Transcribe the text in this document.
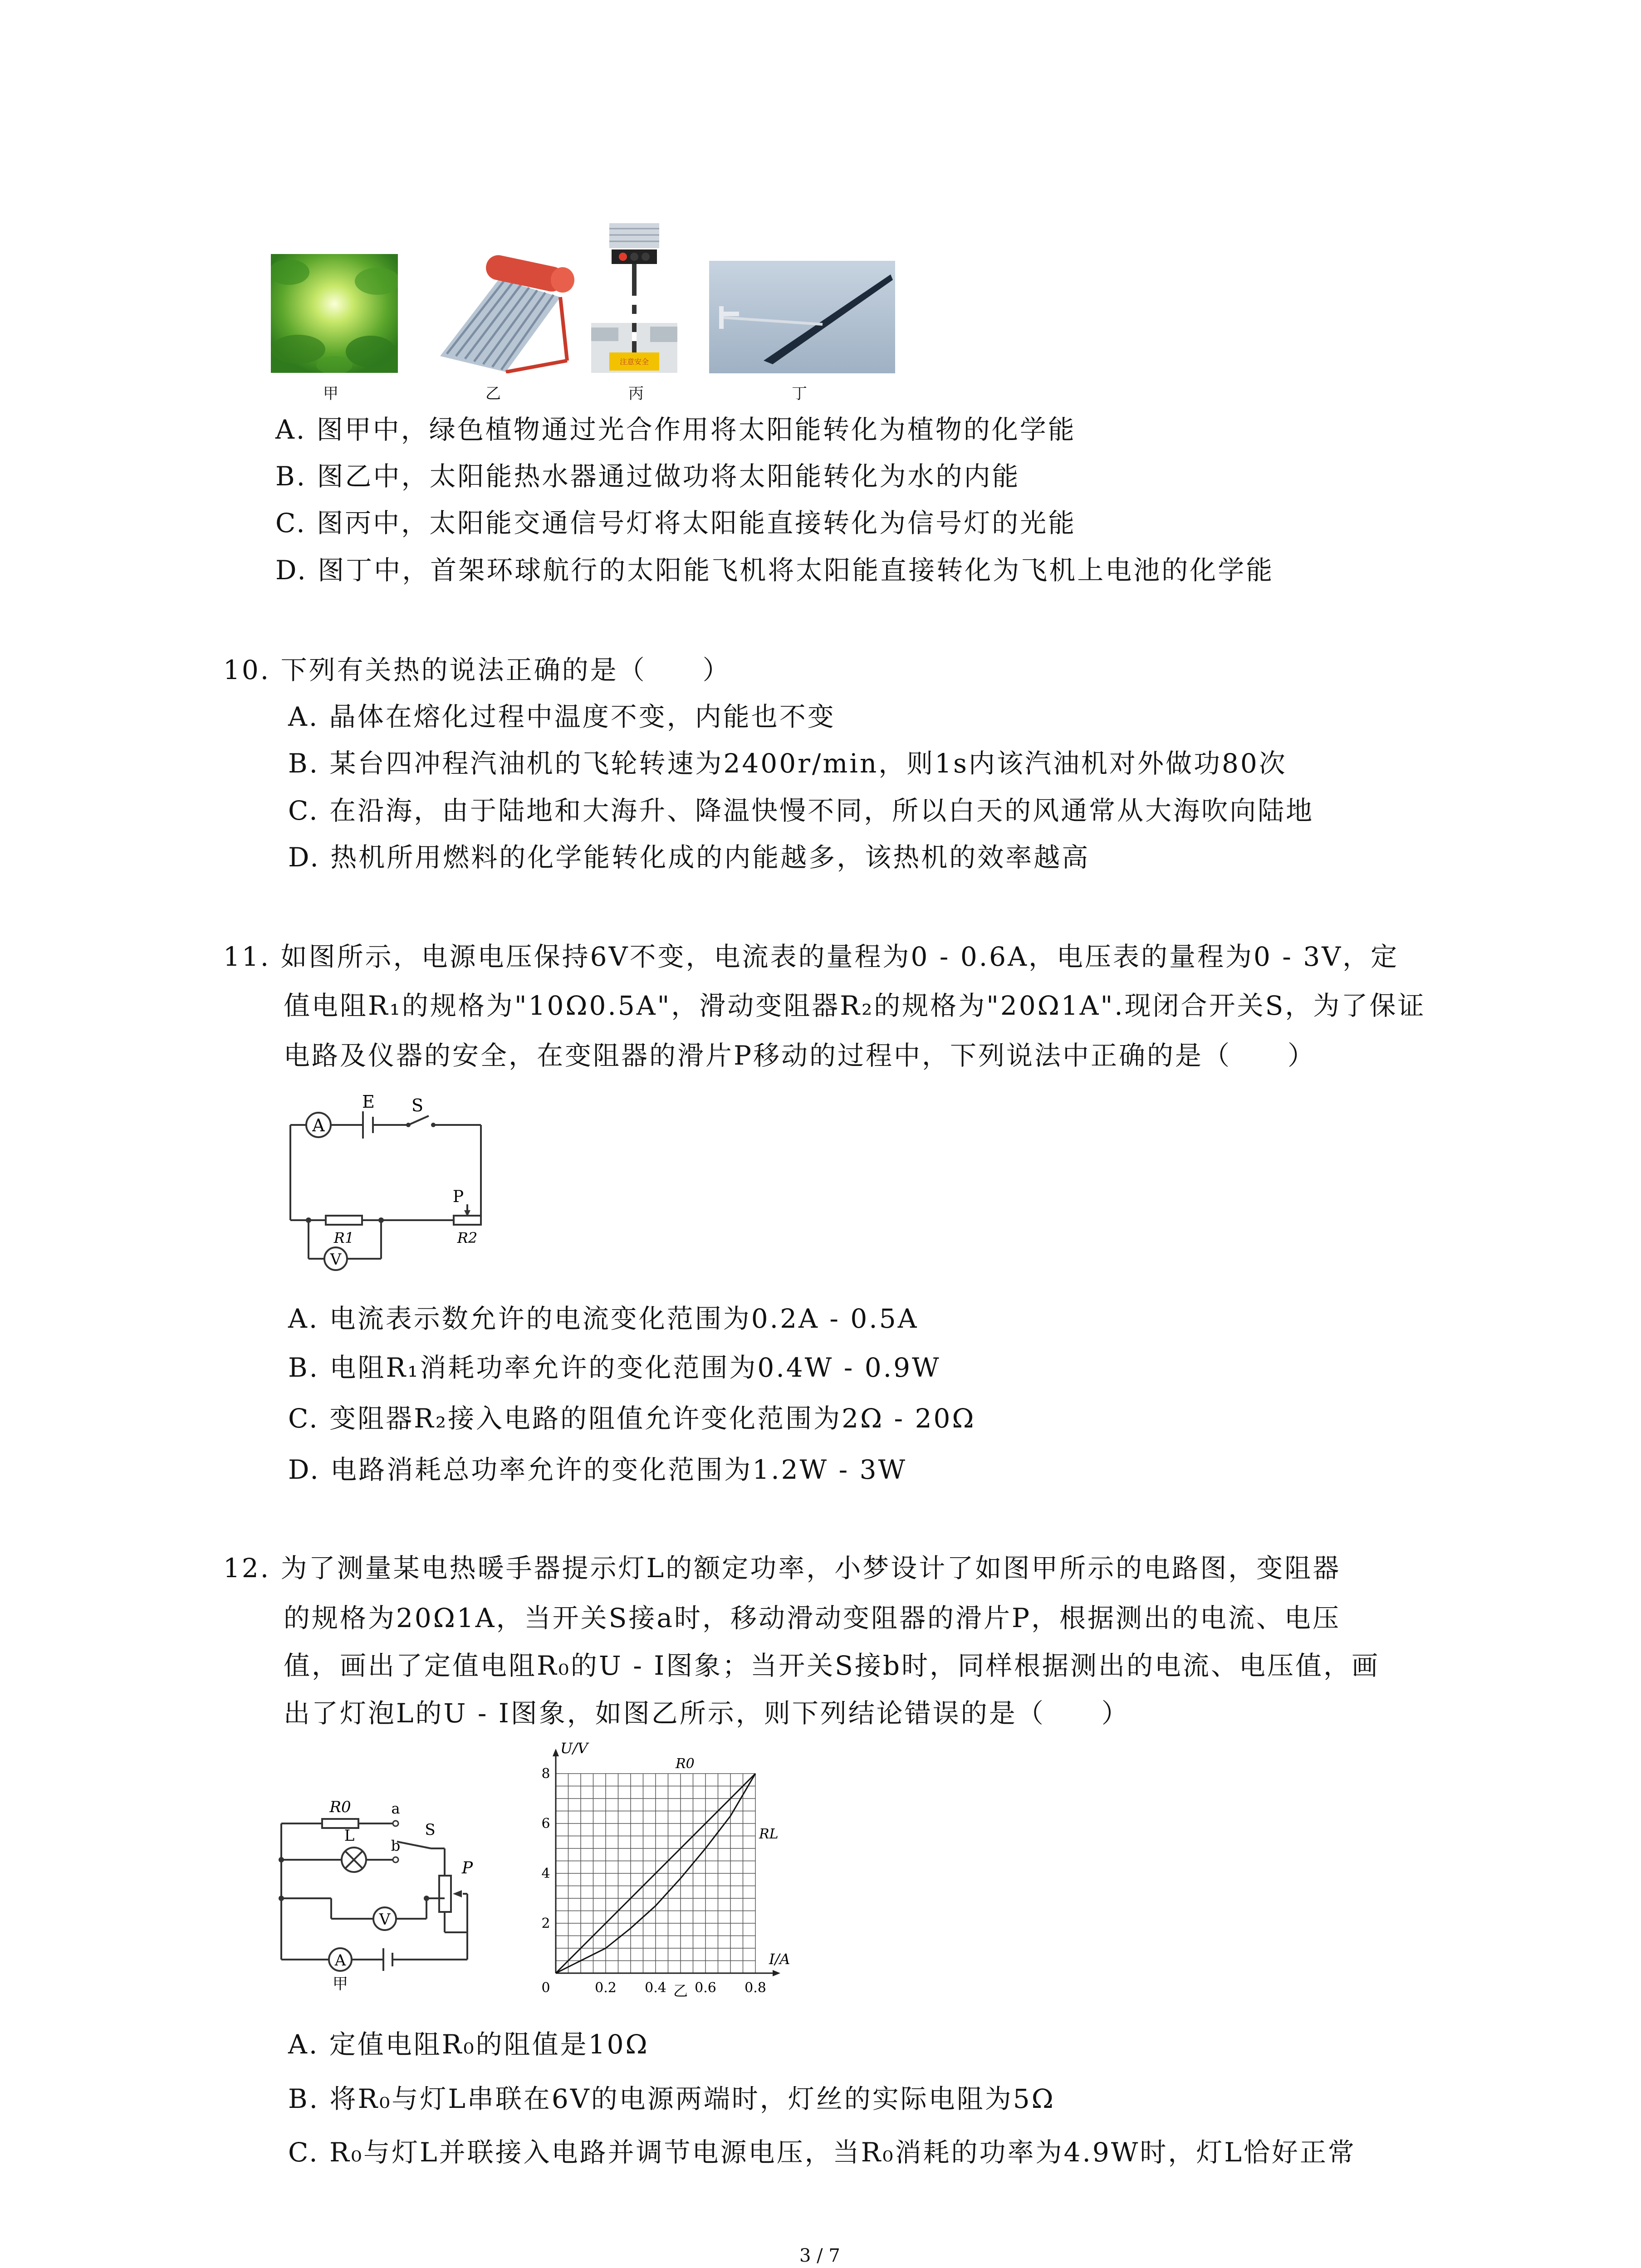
甲	乙
注意安全
丙	丁
A. 图甲中，绿色植物通过光合作用将太阳能转化为植物的化学能
B. 图乙中，太阳能热水器通过做功将太阳能转化为水的内能
C. 图丙中，太阳能交通信号灯将太阳能直接转化为信号灯的光能
D. 图丁中，首架环球航行的太阳能飞机将太阳能直接转化为飞机上电池的化学能
10. 下列有关热的说法正确的是（　　）
A. 晶体在熔化过程中温度不变，内能也不变
B. 某台四冲程汽油机的飞轮转速为2400r/min，则1s内该汽油机对外做功80次
C. 在沿海，由于陆地和大海升、降温快慢不同，所以白天的风通常从大海吹向陆地
D. 热机所用燃料的化学能转化成的内能越多，该热机的效率越高
11. 如图所示，电源电压保持6V不变，电流表的量程为0 - 0.6A，电压表的量程为0 - 3V，定
值电阻R₁的规格为"10Ω0.5A"，滑动变阻器R₂的规格为"20Ω1A".现闭合开关S，为了保证
电路及仪器的安全，在变阻器的滑片P移动的过程中，下列说法中正确的是（　　）
A
E S
P
R1	R2
V
A. 电流表示数允许的电流变化范围为0.2A - 0.5A
B. 电阻R₁消耗功率允许的变化范围为0.4W - 0.9W
C. 变阻器R₂接入电路的阻值允许变化范围为2Ω - 20Ω
D. 电路消耗总功率允许的变化范围为1.2W - 3W
12. 为了测量某电热暖手器提示灯L的额定功率，小梦设计了如图甲所示的电路图，变阻器
的规格为20Ω1A，当开关S接a时，移动滑动变阻器的滑片P，根据测出的电流、电压
值，画出了定值电阻R₀的U - I图象；当开关S接b时，同样根据测出的电流、电压值，画
出了灯泡L的U - I图象，如图乙所示，则下列结论错误的是（　　）
R0	a
b
S
L
P
V
A
甲	0	0.2 0.4 0.6 0.8
2
4
6
8
U/V
I/A
乙
R0
RL
A. 定值电阻R₀的阻值是10Ω
B. 将R₀与灯L串联在6V的电源两端时，灯丝的实际电阻为5Ω
C. R₀与灯L并联接入电路并调节电源电压，当R₀消耗的功率为4.9W时，灯L恰好正常
3 / 7
